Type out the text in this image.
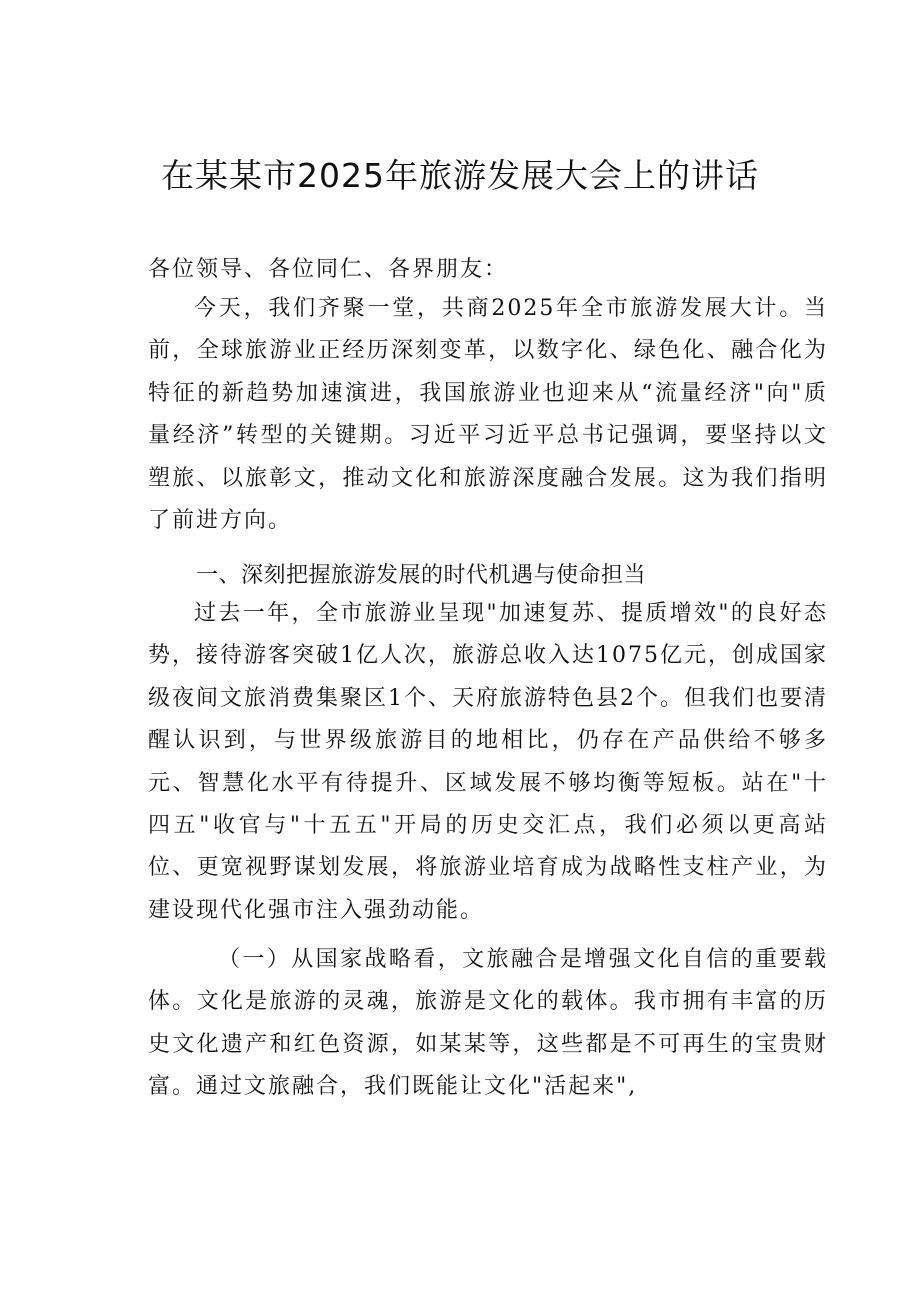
在某某市2025年旅游发展大会上的讲话

各位领导、各位同仁、各界朋友：

今天，我们齐聚一堂，共商2025年全市旅游发展大计。当前，全球旅游业正经历深刻变革，以数字化、绿色化、融合化为特征的新趋势加速演进，我国旅游业也迎来从“流量经济"向"质量经济”转型的关键期。习近平习近平总书记强调，要坚持以文塑旅、以旅彰文，推动文化和旅游深度融合发展。这为我们指明了前进方向。

一、深刻把握旅游发展的时代机遇与使命担当

过去一年，全市旅游业呈现"加速复苏、提质增效"的良好态势，接待游客突破1亿人次，旅游总收入达1075亿元，创成国家级夜间文旅消费集聚区1个、天府旅游特色县2个。但我们也要清醒认识到，与世界级旅游目的地相比，仍存在产品供给不够多元、智慧化水平有待提升、区域发展不够均衡等短板。站在"十四五"收官与"十五五"开局的历史交汇点，我们必须以更高站位、更宽视野谋划发展，将旅游业培育成为战略性支柱产业，为建设现代化强市注入强劲动能。

（一）从国家战略看，文旅融合是增强文化自信的重要载体。文化是旅游的灵魂，旅游是文化的载体。我市拥有丰富的历史文化遗产和红色资源，如某某等，这些都是不可再生的宝贵财富。通过文旅融合，我们既能让文化"活起来",
